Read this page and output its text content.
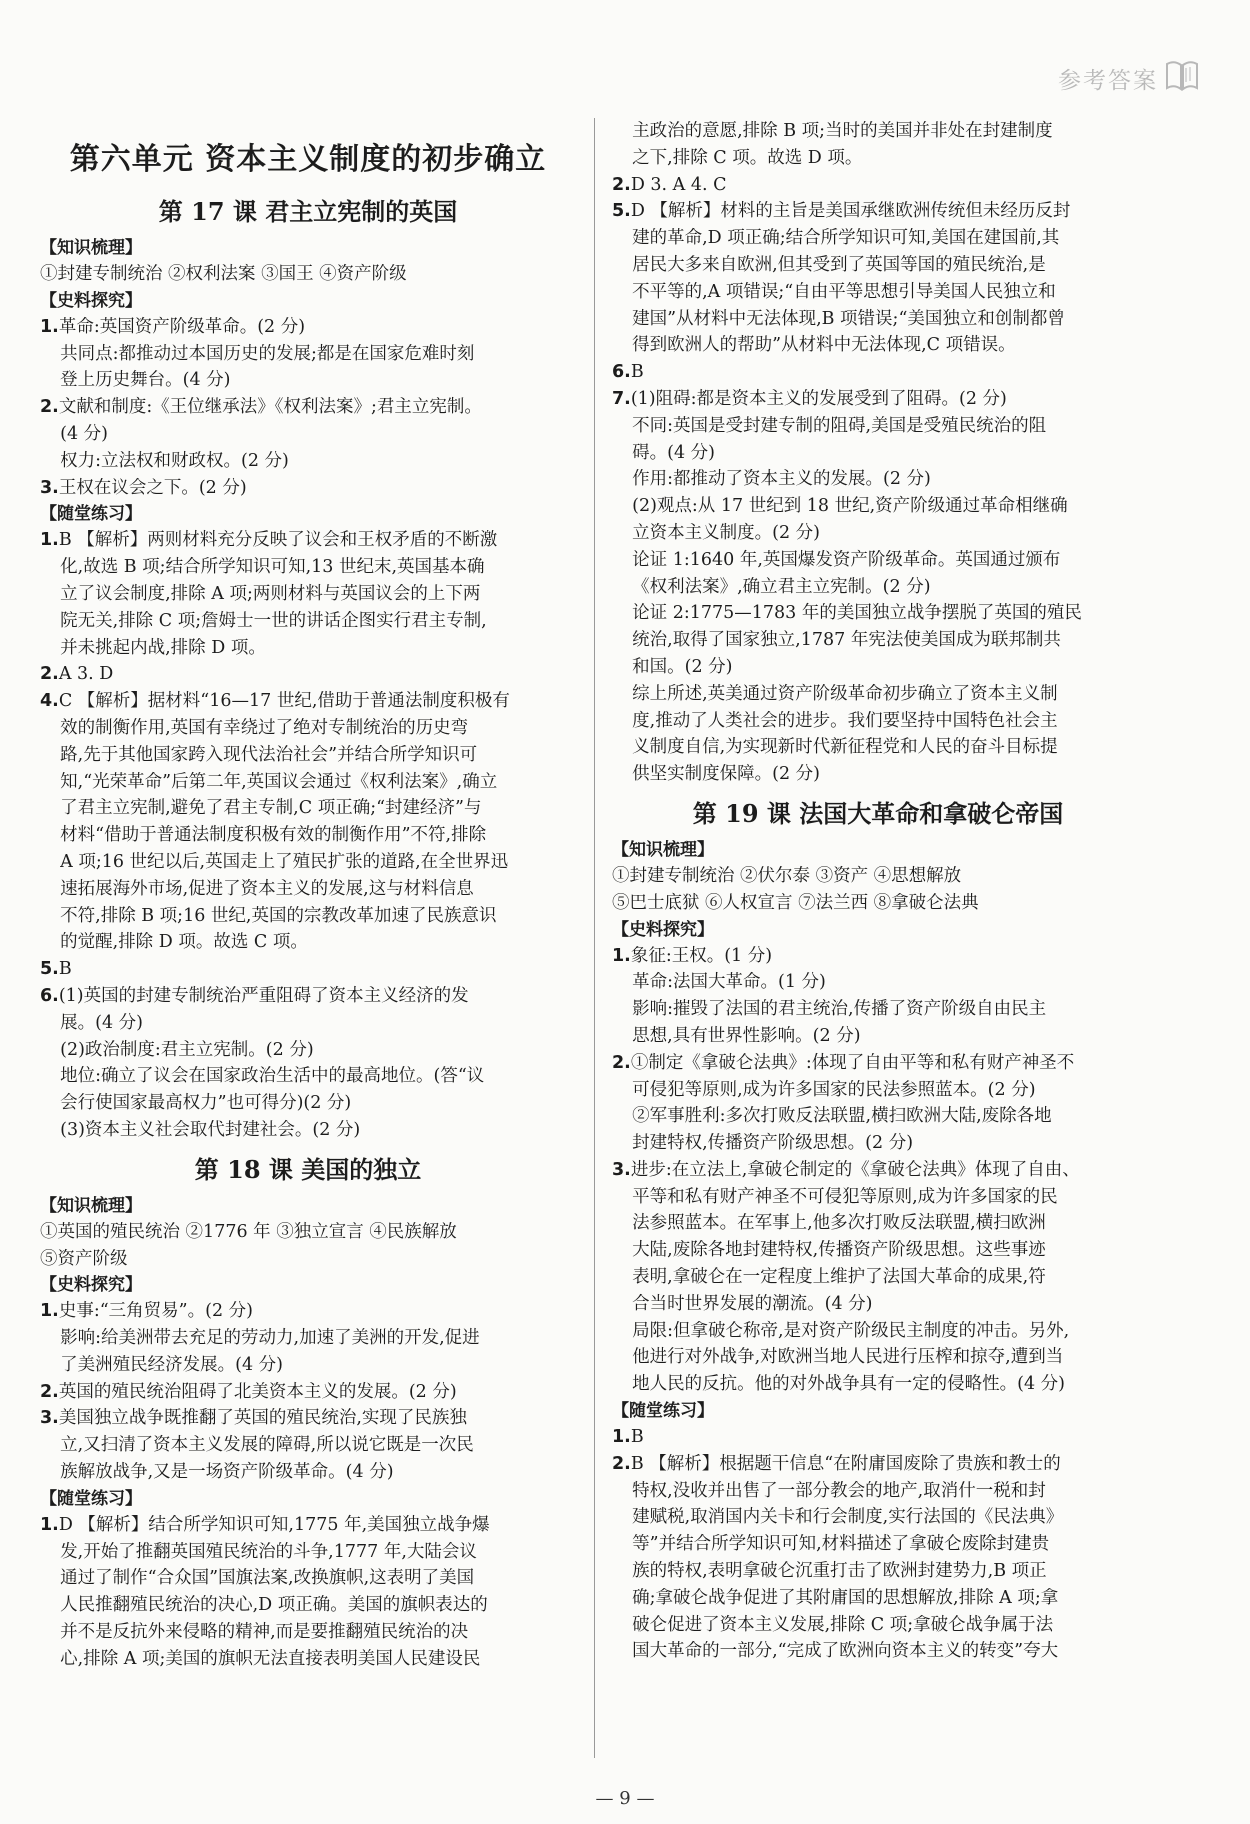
参考答案
第六单元 资本主义制度的初步确立
第 17 课 君主立宪制的英国
【知识梳理】
①封建专制统治 ②权利法案 ③国王 ④资产阶级
【史料探究】
1.革命:英国资产阶级革命。(2 分)
共同点:都推动过本国历史的发展;都是在国家危难时刻
登上历史舞台。(4 分)
2.文献和制度:《王位继承法》《权利法案》;君主立宪制。
(4 分)
权力:立法权和财政权。(2 分)
3.王权在议会之下。(2 分)
【随堂练习】
1.B 【解析】两则材料充分反映了议会和王权矛盾的不断激
化,故选 B 项;结合所学知识可知,13 世纪末,英国基本确
立了议会制度,排除 A 项;两则材料与英国议会的上下两
院无关,排除 C 项;詹姆士一世的讲话企图实行君主专制,
并未挑起内战,排除 D 项。
2.A 3. D
4.C 【解析】据材料“16—17 世纪,借助于普通法制度积极有
效的制衡作用,英国有幸绕过了绝对专制统治的历史弯
路,先于其他国家跨入现代法治社会”并结合所学知识可
知,“光荣革命”后第二年,英国议会通过《权利法案》,确立
了君主立宪制,避免了君主专制,C 项正确;“封建经济”与
材料“借助于普通法制度积极有效的制衡作用”不符,排除
A 项;16 世纪以后,英国走上了殖民扩张的道路,在全世界迅
速拓展海外市场,促进了资本主义的发展,这与材料信息
不符,排除 B 项;16 世纪,英国的宗教改革加速了民族意识
的觉醒,排除 D 项。故选 C 项。
5.B
6.(1)英国的封建专制统治严重阻碍了资本主义经济的发
展。(4 分)
(2)政治制度:君主立宪制。(2 分)
地位:确立了议会在国家政治生活中的最高地位。(答“议
会行使国家最高权力”也可得分)(2 分)
(3)资本主义社会取代封建社会。(2 分)
第 18 课 美国的独立
【知识梳理】
①英国的殖民统治 ②1776 年 ③独立宣言 ④民族解放
⑤资产阶级
【史料探究】
1.史事:“三角贸易”。(2 分)
影响:给美洲带去充足的劳动力,加速了美洲的开发,促进
了美洲殖民经济发展。(4 分)
2.英国的殖民统治阻碍了北美资本主义的发展。(2 分)
3.美国独立战争既推翻了英国的殖民统治,实现了民族独
立,又扫清了资本主义发展的障碍,所以说它既是一次民
族解放战争,又是一场资产阶级革命。(4 分)
【随堂练习】
1.D 【解析】结合所学知识可知,1775 年,美国独立战争爆
发,开始了推翻英国殖民统治的斗争,1777 年,大陆会议
通过了制作“合众国”国旗法案,改换旗帜,这表明了美国
人民推翻殖民统治的决心,D 项正确。美国的旗帜表达的
并不是反抗外来侵略的精神,而是要推翻殖民统治的决
心,排除 A 项;美国的旗帜无法直接表明美国人民建设民
主政治的意愿,排除 B 项;当时的美国并非处在封建制度
之下,排除 C 项。故选 D 项。
2.D 3. A 4. C
5.D 【解析】材料的主旨是美国承继欧洲传统但未经历反封
建的革命,D 项正确;结合所学知识可知,美国在建国前,其
居民大多来自欧洲,但其受到了英国等国的殖民统治,是
不平等的,A 项错误;“自由平等思想引导美国人民独立和
建国”从材料中无法体现,B 项错误;“美国独立和创制都曾
得到欧洲人的帮助”从材料中无法体现,C 项错误。
6.B
7.(1)阻碍:都是资本主义的发展受到了阻碍。(2 分)
不同:英国是受封建专制的阻碍,美国是受殖民统治的阻
碍。(4 分)
作用:都推动了资本主义的发展。(2 分)
(2)观点:从 17 世纪到 18 世纪,资产阶级通过革命相继确
立资本主义制度。(2 分)
论证 1:1640 年,英国爆发资产阶级革命。英国通过颁布
《权利法案》,确立君主立宪制。(2 分)
论证 2:1775—1783 年的美国独立战争摆脱了英国的殖民
统治,取得了国家独立,1787 年宪法使美国成为联邦制共
和国。(2 分)
综上所述,英美通过资产阶级革命初步确立了资本主义制
度,推动了人类社会的进步。我们要坚持中国特色社会主
义制度自信,为实现新时代新征程党和人民的奋斗目标提
供坚实制度保障。(2 分)
第 19 课 法国大革命和拿破仑帝国
【知识梳理】
①封建专制统治 ②伏尔泰 ③资产 ④思想解放
⑤巴士底狱 ⑥人权宣言 ⑦法兰西 ⑧拿破仑法典
【史料探究】
1.象征:王权。(1 分)
革命:法国大革命。(1 分)
影响:摧毁了法国的君主统治,传播了资产阶级自由民主
思想,具有世界性影响。(2 分)
2.①制定《拿破仑法典》:体现了自由平等和私有财产神圣不
可侵犯等原则,成为许多国家的民法参照蓝本。(2 分)
②军事胜利:多次打败反法联盟,横扫欧洲大陆,废除各地
封建特权,传播资产阶级思想。(2 分)
3.进步:在立法上,拿破仑制定的《拿破仑法典》体现了自由、
平等和私有财产神圣不可侵犯等原则,成为许多国家的民
法参照蓝本。在军事上,他多次打败反法联盟,横扫欧洲
大陆,废除各地封建特权,传播资产阶级思想。这些事迹
表明,拿破仑在一定程度上维护了法国大革命的成果,符
合当时世界发展的潮流。(4 分)
局限:但拿破仑称帝,是对资产阶级民主制度的冲击。另外,
他进行对外战争,对欧洲当地人民进行压榨和掠夺,遭到当
地人民的反抗。他的对外战争具有一定的侵略性。(4 分)
【随堂练习】
1.B
2.B 【解析】根据题干信息“在附庸国废除了贵族和教士的
特权,没收并出售了一部分教会的地产,取消什一税和封
建赋税,取消国内关卡和行会制度,实行法国的《民法典》
等”并结合所学知识可知,材料描述了拿破仑废除封建贵
族的特权,表明拿破仑沉重打击了欧洲封建势力,B 项正
确;拿破仑战争促进了其附庸国的思想解放,排除 A 项;拿
破仑促进了资本主义发展,排除 C 项;拿破仑战争属于法
国大革命的一部分,“完成了欧洲向资本主义的转变”夸大
— 9 —
